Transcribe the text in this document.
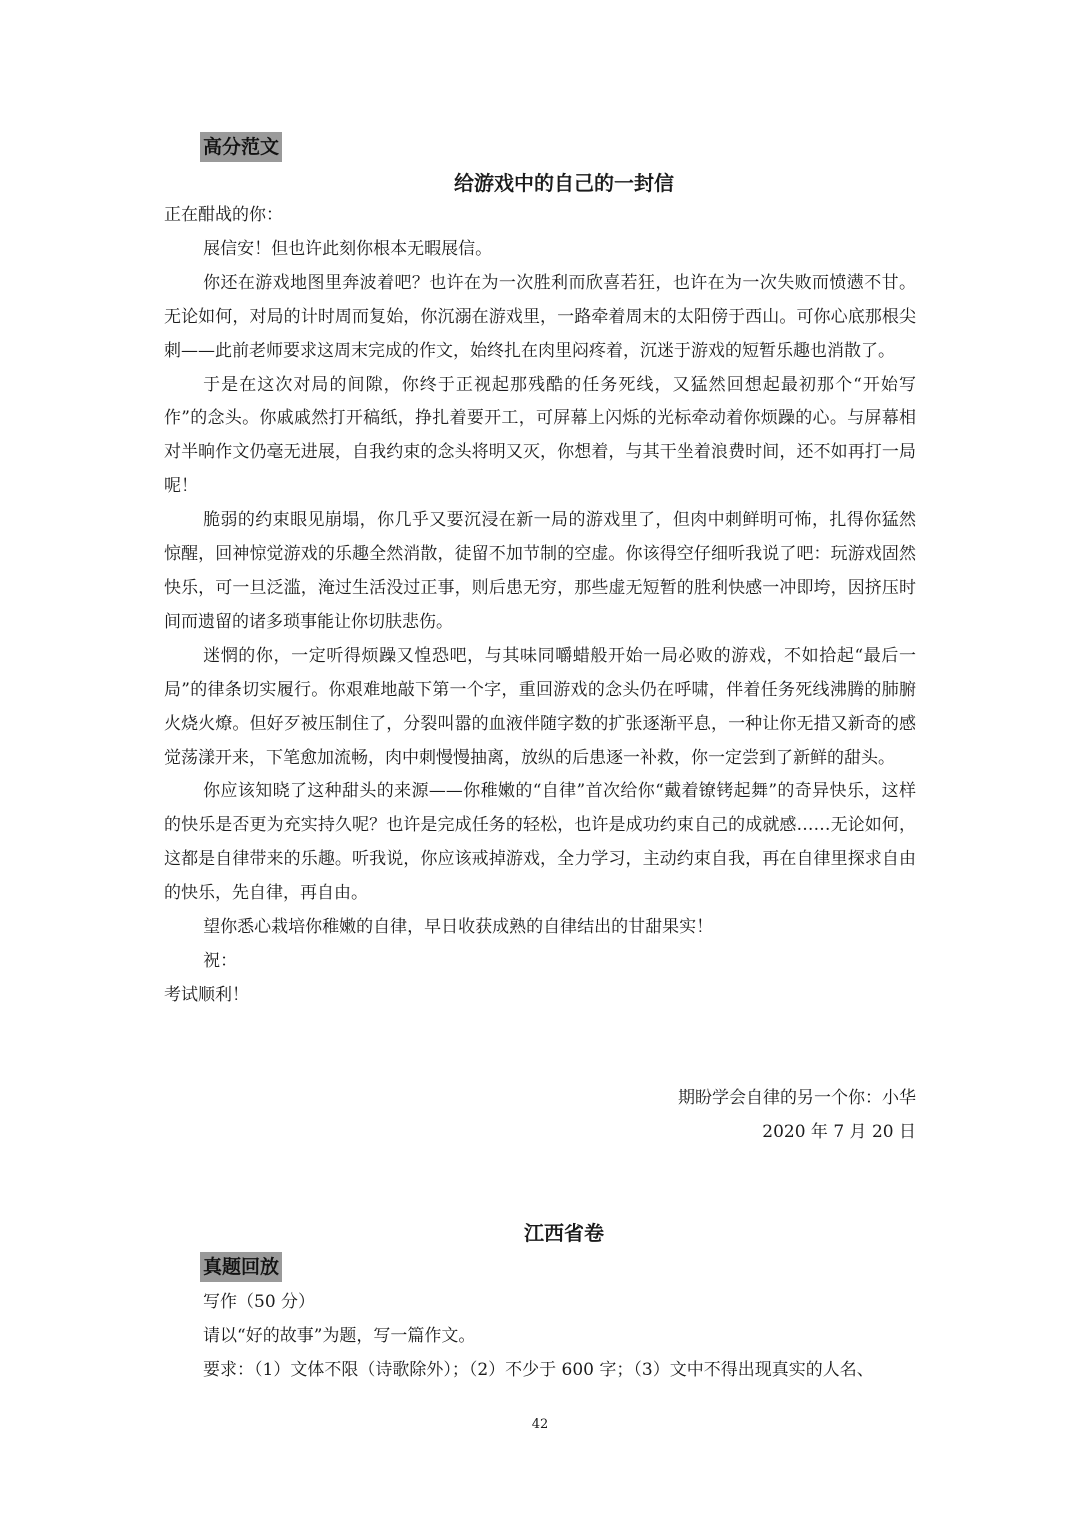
高分范文
给游戏中的自己的一封信

正在酣战的你：

展信安！但也许此刻你根本无暇展信。

你还在游戏地图里奔波着吧？也许在为一次胜利而欣喜若狂，也许在为一次失败而愤懑不甘。无论如何，对局的计时周而复始，你沉溺在游戏里，一路牵着周末的太阳傍于西山。可你心底那根尖刺——此前老师要求这周末完成的作文，始终扎在肉里闷疼着，沉迷于游戏的短暂乐趣也消散了。

于是在这次对局的间隙，你终于正视起那残酷的任务死线，又猛然回想起最初那个“开始写作”的念头。你戚戚然打开稿纸，挣扎着要开工，可屏幕上闪烁的光标牵动着你烦躁的心。与屏幕相对半晌作文仍毫无进展，自我约束的念头将明又灭，你想着，与其干坐着浪费时间，还不如再打一局呢！

脆弱的约束眼见崩塌，你几乎又要沉浸在新一局的游戏里了，但肉中刺鲜明可怖，扎得你猛然惊醒，回神惊觉游戏的乐趣全然消散，徒留不加节制的空虚。你该得空仔细听我说了吧：玩游戏固然快乐，可一旦泛滥，淹过生活没过正事，则后患无穷，那些虚无短暂的胜利快感一冲即垮，因挤压时间而遗留的诸多琐事能让你切肤悲伤。

迷惘的你，一定听得烦躁又惶恐吧，与其味同嚼蜡般开始一局必败的游戏，不如拾起“最后一局”的律条切实履行。你艰难地敲下第一个字，重回游戏的念头仍在呼啸，伴着任务死线沸腾的肺腑火烧火燎。但好歹被压制住了，分裂叫嚣的血液伴随字数的扩张逐渐平息，一种让你无措又新奇的感觉荡漾开来，下笔愈加流畅，肉中刺慢慢抽离，放纵的后患逐一补救，你一定尝到了新鲜的甜头。

你应该知晓了这种甜头的来源——你稚嫩的“自律”首次给你“戴着镣铐起舞”的奇异快乐，这样的快乐是否更为充实持久呢？也许是完成任务的轻松，也许是成功约束自己的成就感……无论如何，这都是自律带来的乐趣。听我说，你应该戒掉游戏，全力学习，主动约束自我，再在自律里探求自由的快乐，先自律，再自由。

望你悉心栽培你稚嫩的自律，早日收获成熟的自律结出的甘甜果实！

祝：

考试顺利！

期盼学会自律的另一个你：小华
2020 年 7 月 20 日
江西省卷
真题回放
写作（50 分）
请以“好的故事”为题，写一篇作文。
要求：（1）文体不限（诗歌除外）；（2）不少于 600 字；（3）文中不得出现真实的人名、
42
